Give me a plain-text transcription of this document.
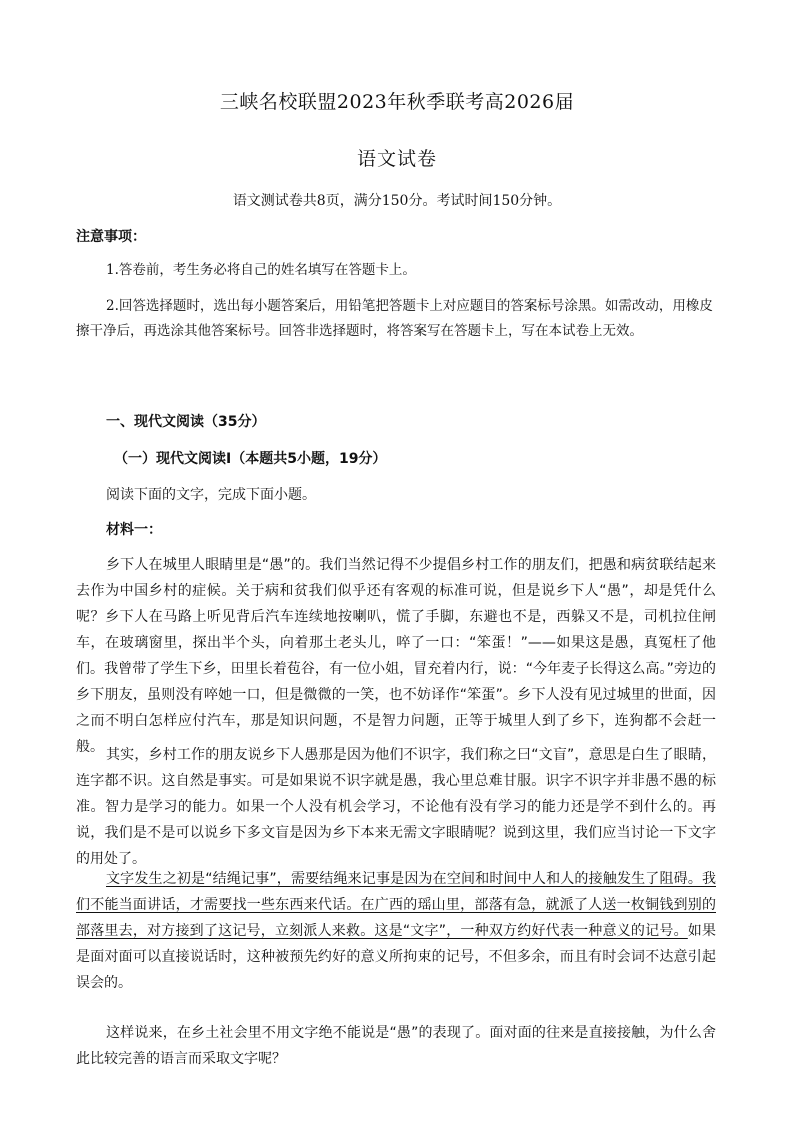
三峡名校联盟2023年秋季联考高2026届
语文试卷
语文测试卷共8页，满分150分。考试时间150分钟。
注意事项：
1.答卷前，考生务必将自己的姓名填写在答题卡上。
2.回答选择题时，选出每小题答案后，用铅笔把答题卡上对应题目的答案标号涂黑。如需改动，用橡皮擦干净后，再选涂其他答案标号。回答非选择题时，将答案写在答题卡上，写在本试卷上无效。
一、现代文阅读（35分）
（一）现代文阅读Ⅰ（本题共5小题，19分）
阅读下面的文字，完成下面小题。
材料一：
乡下人在城里人眼睛里是“愚”的。我们当然记得不少提倡乡村工作的朋友们，把愚和病贫联结起来去作为中国乡村的症候。关于病和贫我们似乎还有客观的标准可说，但是说乡下人“愚”，却是凭什么呢？乡下人在马路上听见背后汽车连续地按喇叭，慌了手脚，东避也不是，西躲又不是，司机拉住闸车，在玻璃窗里，探出半个头，向着那土老头儿，啐了一口：“笨蛋！”——如果这是愚，真冤枉了他们。我曾带了学生下乡，田里长着苞谷，有一位小姐，冒充着内行，说：“今年麦子长得这么高。”旁边的乡下朋友，虽则没有啐她一口，但是微微的一笑，也不妨译作“笨蛋”。乡下人没有见过城里的世面，因之而不明白怎样应付汽车，那是知识问题，不是智力问题，正等于城里人到了乡下，连狗都不会赶一般。 其实，乡村工作的朋友说乡下人愚那是因为他们不识字，我们称之曰“文盲”，意思是白生了眼睛，连字都不识。这自然是事实。可是如果说不识字就是愚，我心里总难甘服。识字不识字并非愚不愚的标准。智力是学习的能力。如果一个人没有机会学习，不论他有没有学习的能力还是学不到什么的。再说，我们是不是可以说乡下多文盲是因为乡下本来无需文字眼睛呢？说到这里，我们应当讨论一下文字的用处了。
文字发生之初是“结绳记事”，需要结绳来记事是因为在空间和时间中人和人的接触发生了阻碍。我们不能当面讲话，才需要找一些东西来代话。在广西的瑶山里，部落有急，就派了人送一枚铜钱到别的部落里去，对方接到了这记号，立刻派人来救。这是“文字”，一种双方约好代表一种意义的记号。如果是面对面可以直接说话时，这种被预先约好的意义所拘束的记号，不但多余，而且有时会词不达意引起误会的。
这样说来，在乡土社会里不用文字绝不能说是“愚”的表现了。面对面的往来是直接接触，为什么舍此比较完善的语言而采取文字呢？
